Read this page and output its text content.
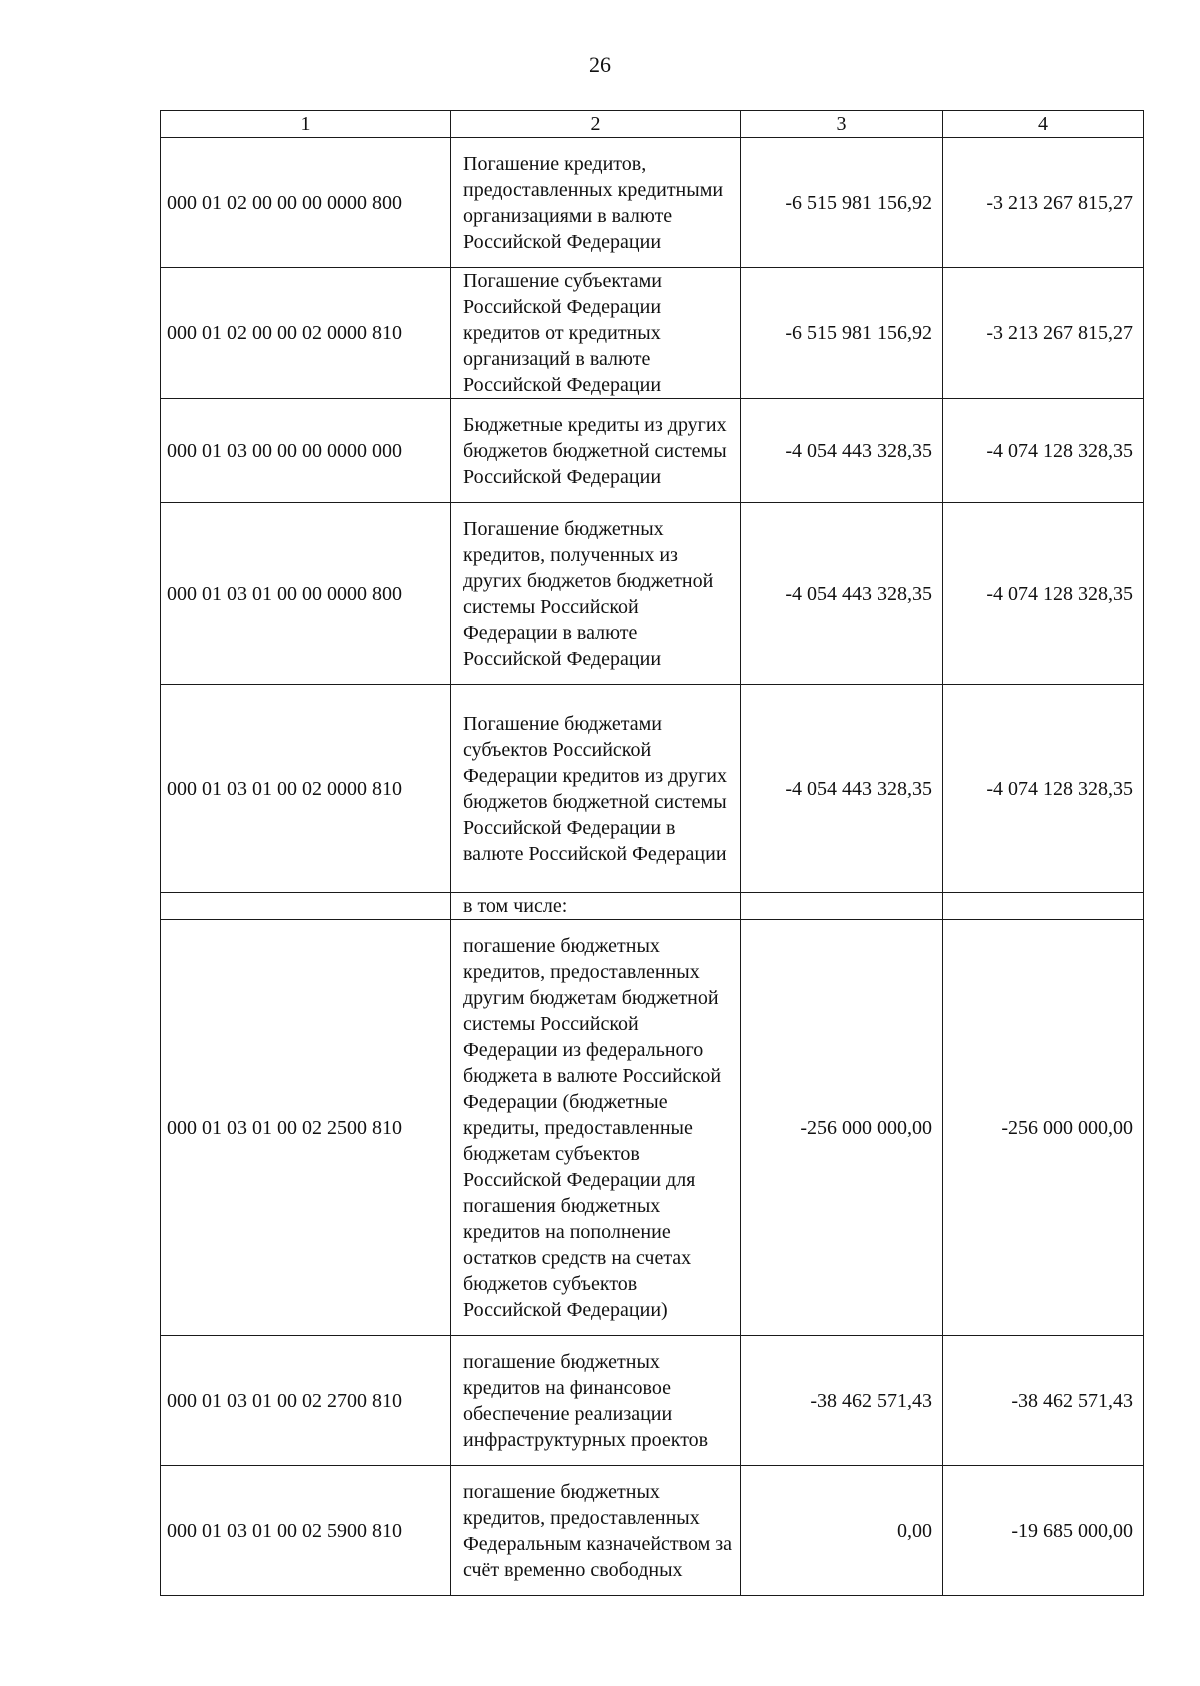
26
1	2	3	4
000 01 02 00 00 00 0000 800	Погашение кредитов, предоставленных кредитными организациями в валюте Российской Федерации	-6 515 981 156,92	-3 213 267 815,27
000 01 02 00 00 02 0000 810	Погашение субъектами Российской Федерации кредитов от кредитных организаций в валюте Российской Федерации	-6 515 981 156,92	-3 213 267 815,27
000 01 03 00 00 00 0000 000	Бюджетные кредиты из других бюджетов бюджетной системы Российской Федерации	-4 054 443 328,35	-4 074 128 328,35
000 01 03 01 00 00 0000 800	Погашение бюджетных кредитов, полученных из других бюджетов бюджетной системы Российской Федерации в валюте Российской Федерации	-4 054 443 328,35	-4 074 128 328,35
000 01 03 01 00 02 0000 810	Погашение бюджетами субъектов Российской Федерации кредитов из других бюджетов бюджетной системы Российской Федерации в валюте Российской Федерации	-4 054 443 328,35	-4 074 128 328,35
	в том числе:		
000 01 03 01 00 02 2500 810	погашение бюджетных кредитов, предоставленных другим бюджетам бюджетной системы Российской Федерации из федерального бюджета в валюте Российской Федерации (бюджетные кредиты, предоставленные бюджетам субъектов Российской Федерации для погашения бюджетных кредитов на пополнение остатков средств на счетах бюджетов субъектов Российской Федерации)	-256 000 000,00	-256 000 000,00
000 01 03 01 00 02 2700 810	погашение бюджетных кредитов на финансовое обеспечение реализации инфраструктурных проектов	-38 462 571,43	-38 462 571,43
000 01 03 01 00 02 5900 810	погашение бюджетных кредитов, предоставленных Федеральным казначейством за счёт временно свободных	0,00	-19 685 000,00
